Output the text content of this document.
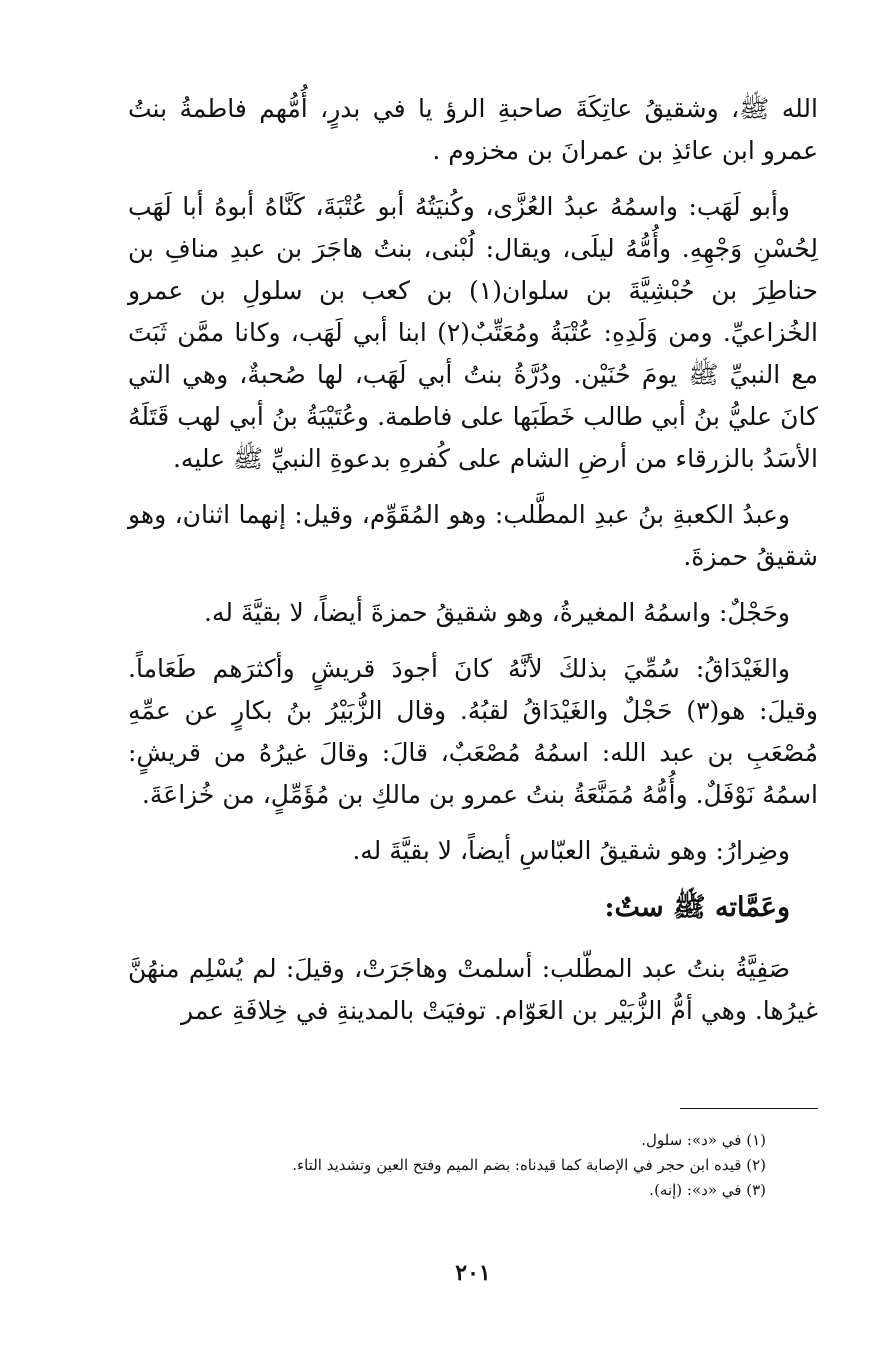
الله ﷺ، وشقيقُ عاتِكَةَ صاحبةِ الرؤ يا في بدرٍ، أُمُّهم فاطمةُ بنتُ عمرو ابن عائذِ بن عمرانَ بن مخزوم .

وأبو لَهَب: واسمُهُ عبدُ العُزَّى، وكُنيَتُهُ أبو عُتْبَةَ، كَنَّاهُ أبوهُ أبا لَهَب لِحُسْنِ وَجْهِهِ. وأُمُّهُ ليلَى، ويقال: لُبْنى، بنتُ هاجَرَ بن عبدِ منافِ بن حناطِرَ بن حُبْشِيَّةَ بن سلوان(١) بن كعب بن سلولِ بن عمرو الخُزاعيِّ. ومن وَلَدِهِ: عُتْبَةُ ومُعَتِّبٌ(٢) ابنا أبي لَهَب، وكانا ممَّن ثَبَتَ مع النبيِّ ﷺ يومَ حُنَيْن. ودُرَّةُ بنتُ أبي لَهَب، لها صُحبةٌ، وهي التي كانَ عليُّ بنُ أبي طالب خَطَبَها على فاطمة. وعُتَيْبَةُ بنُ أبي لهب قَتَلَهُ الأسَدُ بالزرقاء من أرضِ الشام على كُفرهِ بدعوةِ النبيِّ ﷺ عليه.

وعبدُ الكعبةِ بنُ عبدِ المطَّلب: وهو المُقَوِّم، وقيل: إنهما اثنان، وهو شقيقُ حمزةَ.

وحَجْلٌ: واسمُهُ المغيرةُ، وهو شقيقُ حمزةَ أيضاً، لا بقيَّةَ له.

والغَيْدَاقُ: سُمِّيَ بذلكَ لأنَّهُ كانَ أجودَ قريشٍ وأكثرَهم طَعَاماً. وقيلَ: هو(٣) حَجْلٌ والغَيْدَاقُ لقبُهُ. وقال الزُّبَيْرُ بنُ بكارٍ عن عمِّهِ مُصْعَبِ بن عبد الله: اسمُهُ مُصْعَبٌ، قالَ: وقالَ غيرُهُ من قريشٍ: اسمُهُ نَوْفَلٌ. وأُمُّهُ مُمَنَّعَةُ بنتُ عمرو بن مالكِ بن مُؤَمِّلٍ، من خُزاعَةَ.

وضِرارُ: وهو شقيقُ العبّاسِ أيضاً، لا بقيَّةَ له.

وعَمَّاته ﷺ ستٌ:

صَفِيَّةُ بنتُ عبد المطّلب: أسلمتْ وهاجَرَتْ، وقيلَ: لم يُسْلِم منهُنَّ غيرُها. وهي أمُّ الزُّبَيْر بن العَوّام. توفيَتْ بالمدينةِ في خِلافَةِ عمر

(١) في «د»: سلول.

(٢) قيده ابن حجر في الإصابة كما قيدناه: بضم الميم وفتح العين وتشديد التاء.

(٣) في «د»: (إنه).

٢٠١
